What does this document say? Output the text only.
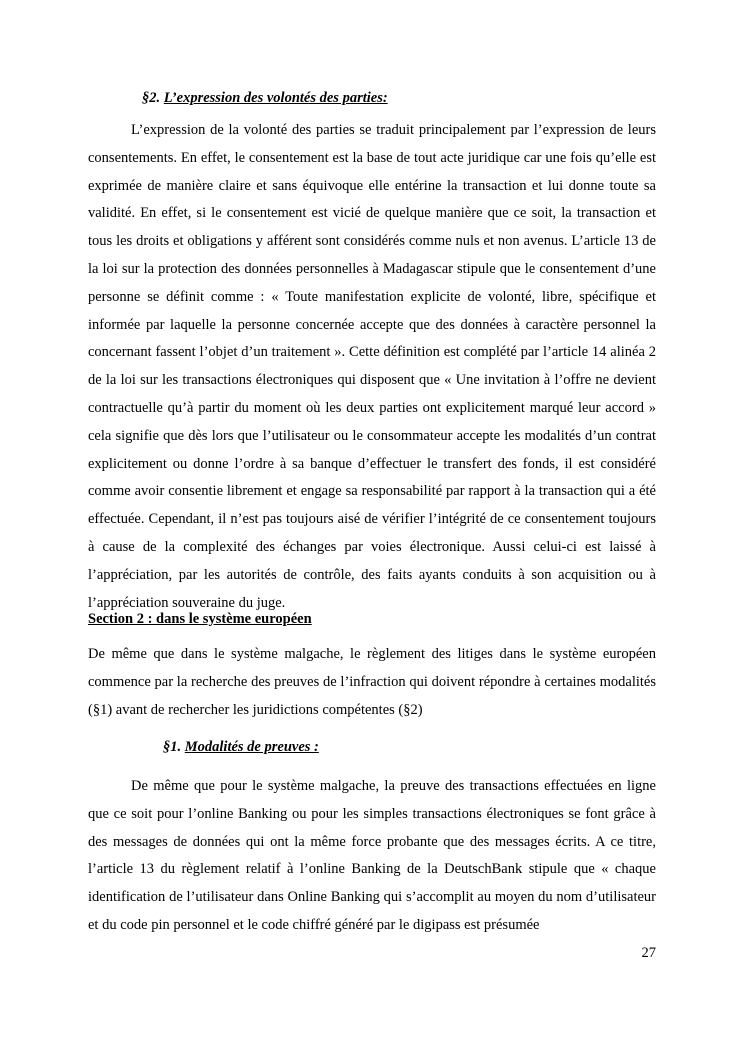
§2. L’expression des volontés des parties:

L’expression de la volonté des parties se traduit principalement par l’expression de leurs consentements. En effet, le consentement est la base de tout acte juridique car une fois qu’elle est exprimée de manière claire et sans équivoque elle entérine la transaction et lui donne toute sa validité. En effet, si le consentement est vicié de quelque manière que ce soit, la transaction et tous les droits et obligations y afférent sont considérés comme nuls et non avenus. L’article 13 de la loi sur la protection des données personnelles à Madagascar stipule que le consentement d’une personne se définit comme : « Toute manifestation explicite de volonté, libre, spécifique et informée par laquelle la personne concernée accepte que des données à caractère personnel la concernant fassent l’objet d’un traitement ». Cette définition est complété par l’article 14 alinéa 2 de la loi sur les transactions électroniques qui disposent que « Une invitation à l’offre ne devient contractuelle qu’à partir du moment où les deux parties ont explicitement marqué leur accord » cela signifie que dès lors que l’utilisateur ou le consommateur accepte les modalités d’un contrat explicitement ou donne l’ordre à sa banque d’effectuer le transfert des fonds, il est considéré comme avoir consentie librement et engage sa responsabilité par rapport à la transaction qui a été effectuée. Cependant, il n’est pas toujours aisé de vérifier l’intégrité de ce consentement toujours à cause de la complexité des échanges par voies électronique. Aussi celui-ci est laissé à l’appréciation, par les autorités de contrôle, des faits ayants conduits à son acquisition ou à l’appréciation souveraine du juge.

Section 2 : dans le système européen

De même que dans le système malgache, le règlement des litiges dans le système européen commence par la recherche des preuves de l’infraction qui doivent répondre à certaines modalités (§1) avant de rechercher les juridictions compétentes (§2)

§1. Modalités de preuves :

De même que pour le système malgache, la preuve des transactions effectuées en ligne que ce soit pour l’online Banking ou pour les simples transactions électroniques se font grâce à des messages de données qui ont la même force probante que des messages écrits. A ce titre, l’article 13 du règlement relatif à l’online Banking de la DeutschBank stipule que « chaque identification de l’utilisateur dans Online Banking qui s’accomplit au moyen du nom d’utilisateur et du code pin personnel et le code chiffré généré par le digipass est présumée

27
